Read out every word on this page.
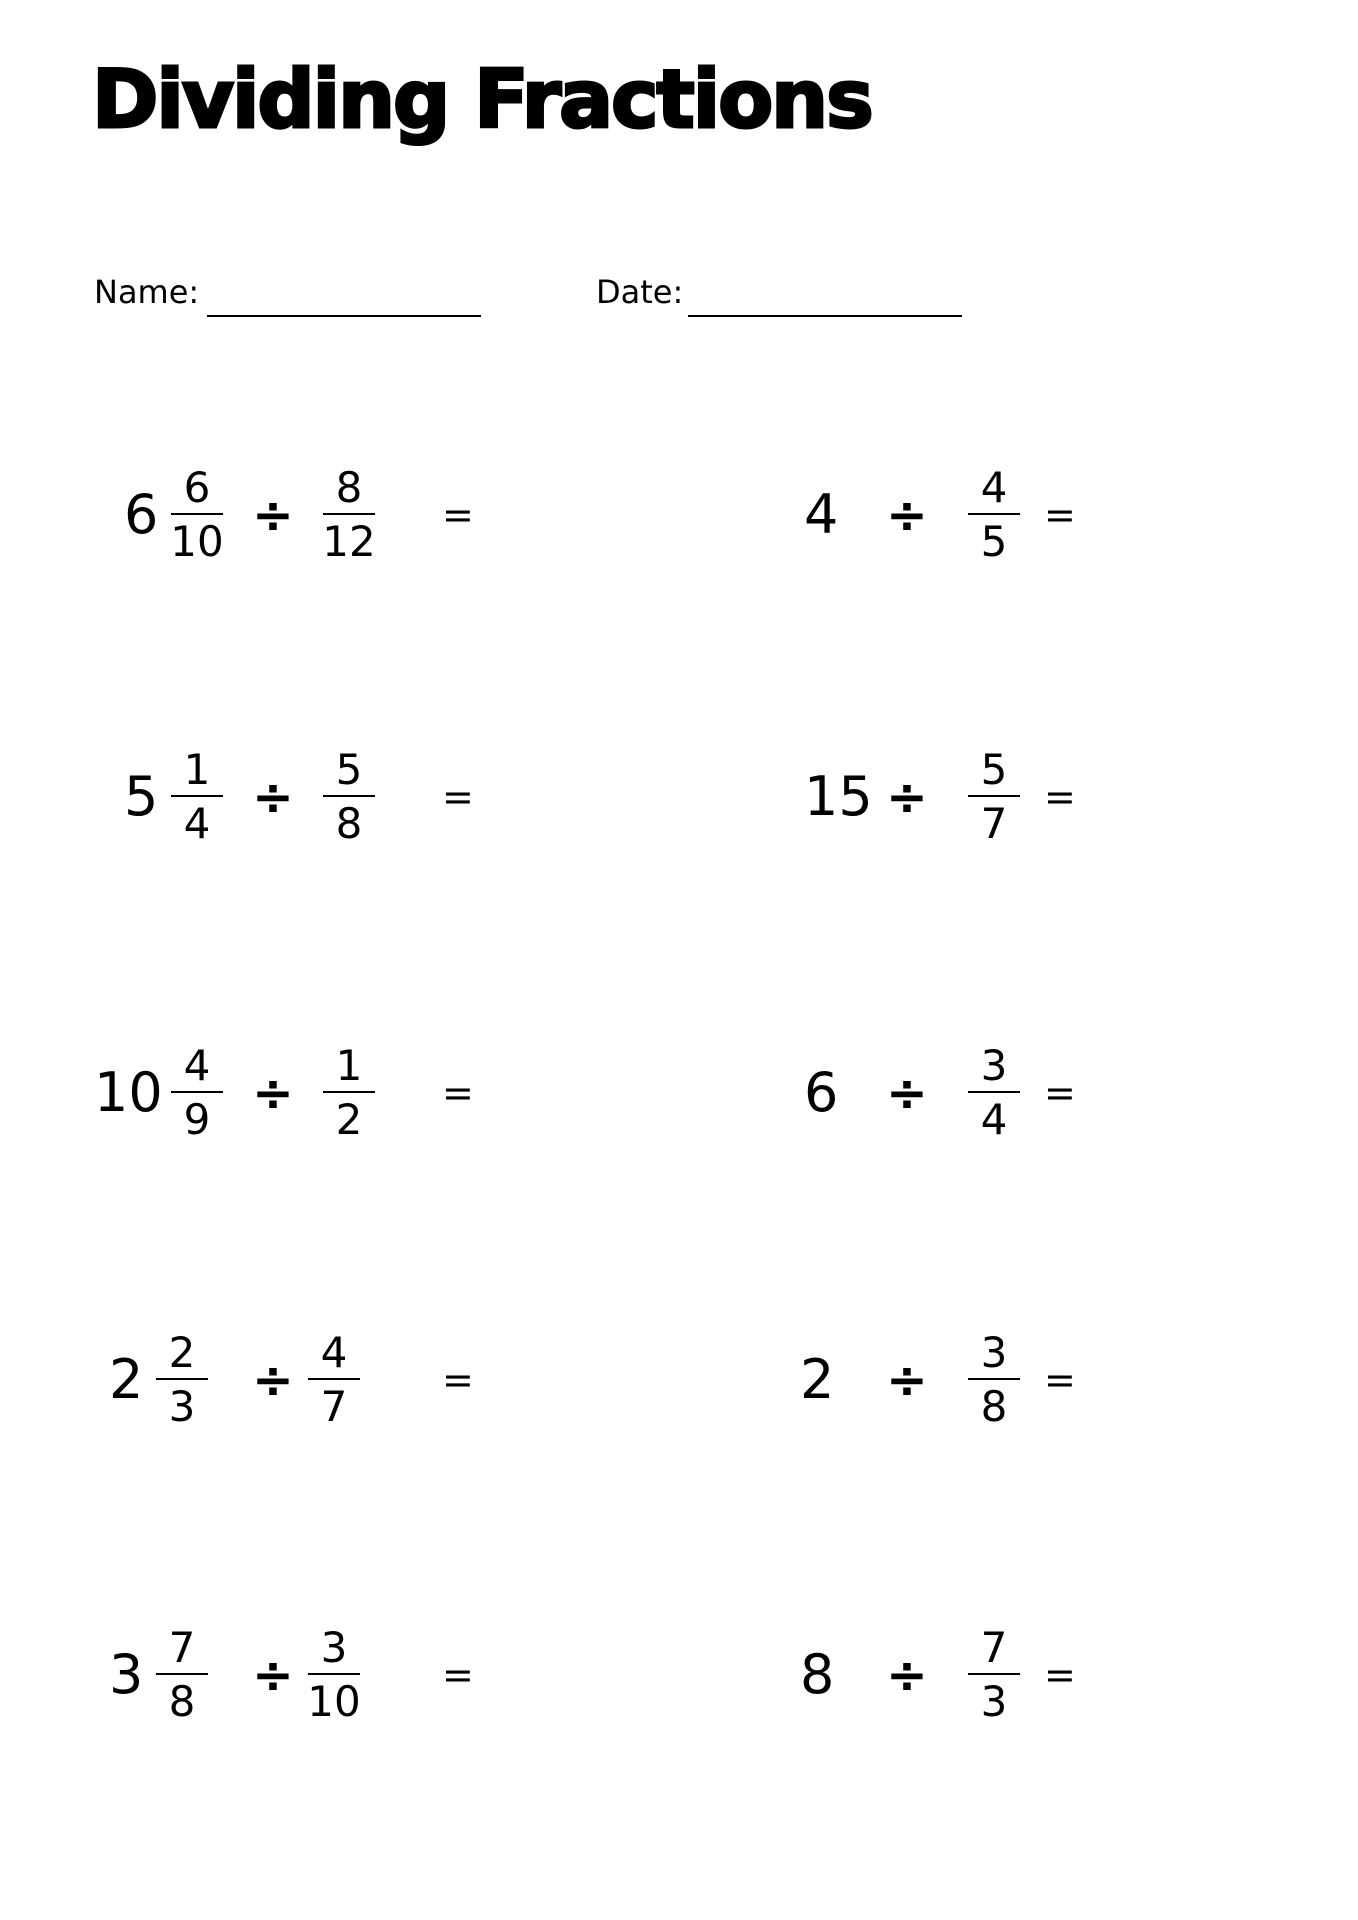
Dividing Fractions
Name:	Date:
6 6
10 ÷ 8
12
=
5 1
4 ÷ 5
8
=
10 4
9 ÷ 1
2
=
2 2
3 ÷ 4
7
=
3 7
8 ÷ 3
10
=
4 ÷ 4
5
=
15 ÷ 5
7
=
6 ÷ 3
4
=
2 ÷ 3
8
=
8 ÷ 7
3
=
